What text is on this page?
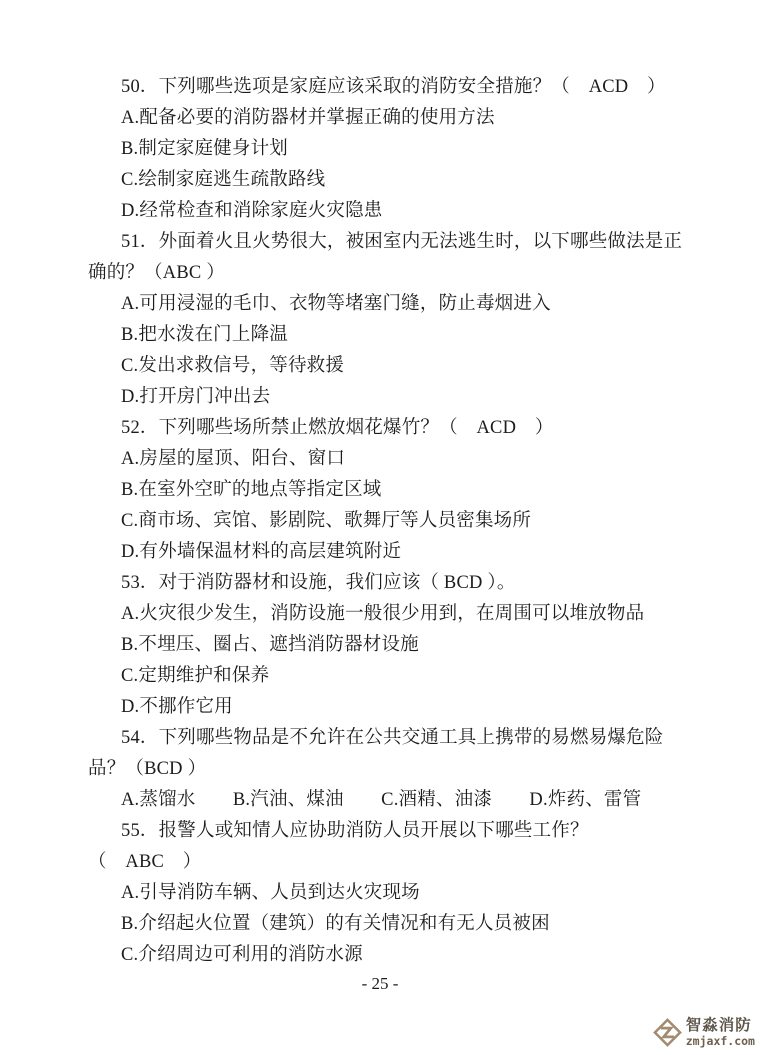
50．下列哪些选项是家庭应该采取的消防安全措施？（　ACD　）
A.配备必要的消防器材并掌握正确的使用方法
B.制定家庭健身计划
C.绘制家庭逃生疏散路线
D.经常检查和消除家庭火灾隐患
51．外面着火且火势很大，被困室内无法逃生时，以下哪些做法是正
确的？（ABC ）
A.可用浸湿的毛巾、衣物等堵塞门缝，防止毒烟进入
B.把水泼在门上降温
C.发出求救信号，等待救援
D.打开房门冲出去
52．下列哪些场所禁止燃放烟花爆竹？（　ACD　）
A.房屋的屋顶、阳台、窗口
B.在室外空旷的地点等指定区域
C.商市场、宾馆、影剧院、歌舞厅等人员密集场所
D.有外墙保温材料的高层建筑附近
53．对于消防器材和设施，我们应该（ BCD ）。
A.火灾很少发生，消防设施一般很少用到，在周围可以堆放物品
B.不埋压、圈占、遮挡消防器材设施
C.定期维护和保养
D.不挪作它用
54．下列哪些物品是不允许在公共交通工具上携带的易燃易爆危险
品？（BCD ）
A.蒸馏水　　B.汽油、煤油　　C.酒精、油漆　　D.炸药、雷管
55．报警人或知情人应协助消防人员开展以下哪些工作？
（　ABC　）
A.引导消防车辆、人员到达火灾现场
B.介绍起火位置（建筑）的有关情况和有无人员被困
C.介绍周边可利用的消防水源
- 25 -
智淼消防
zmjaxf.com
